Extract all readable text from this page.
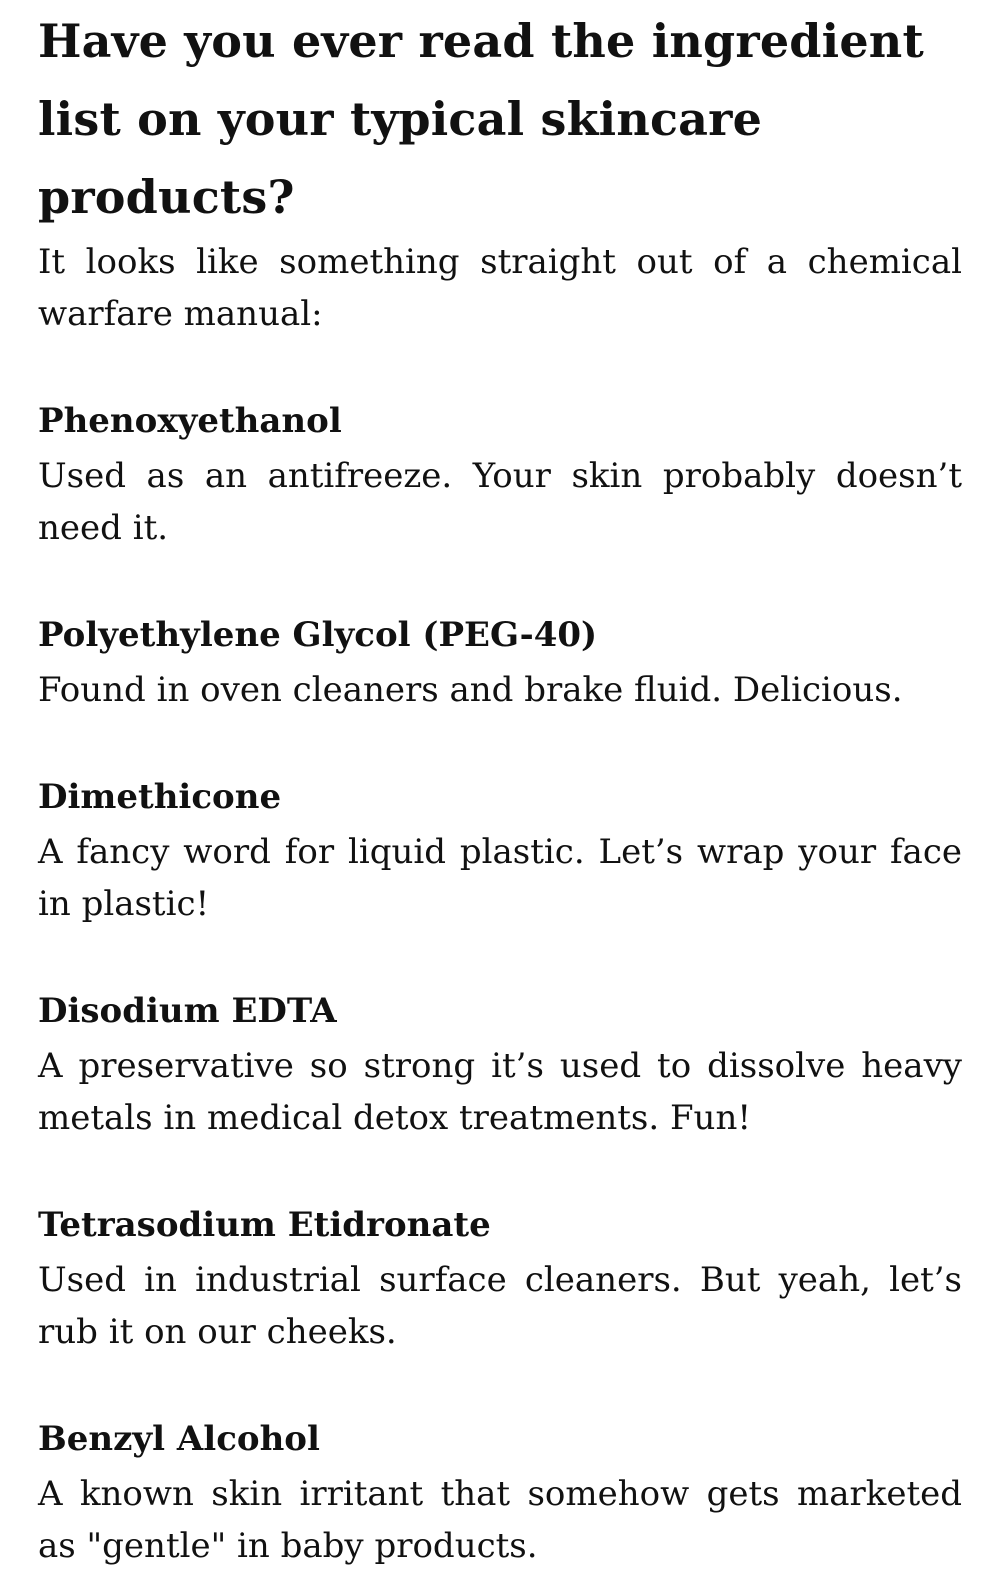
Have you ever read the ingredient list on your typical skincare products?

It looks like something straight out of a chemical warfare manual:

Phenoxyethanol

Used as an antifreeze. Your skin probably doesn’t need it.

Polyethylene Glycol (PEG-40)

Found in oven cleaners and brake fluid. Delicious.

Dimethicone

A fancy word for liquid plastic. Let’s wrap your face in plastic!

Disodium EDTA

A preservative so strong it’s used to dissolve heavy metals in medical detox treatments. Fun!

Tetrasodium Etidronate

Used in industrial surface cleaners. But yeah, let’s rub it on our cheeks.

Benzyl Alcohol

A known skin irritant that somehow gets marketed as "gentle" in baby products.
